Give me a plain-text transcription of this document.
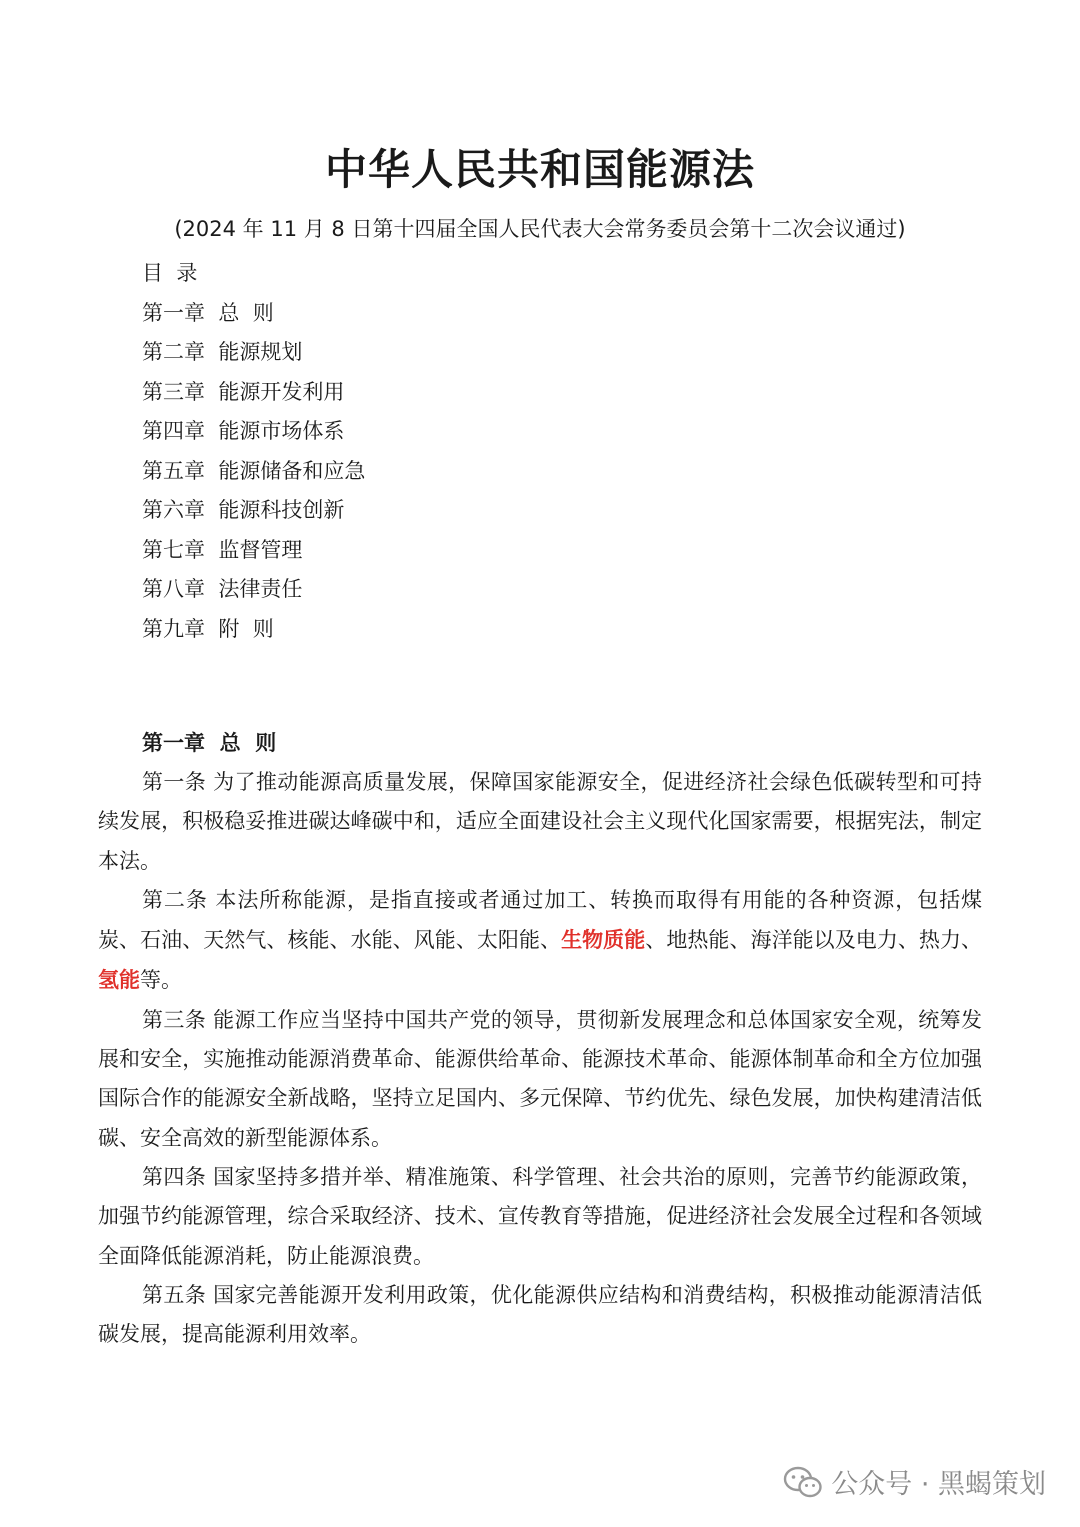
中华人民共和国能源法
(2024 年 11 月 8 日第十四届全国人民代表大会常务委员会第十二次会议通过)
目  录
第一章  总  则
第二章  能源规划
第三章  能源开发利用
第四章  能源市场体系
第五章  能源储备和应急
第六章  能源科技创新
第七章  监督管理
第八章  法律责任
第九章  附  则
第一章  总  则

第一条 为了推动能源高质量发展，保障国家能源安全，促进经济社会绿色低碳转型和可持续发展，积极稳妥推进碳达峰碳中和，适应全面建设社会主义现代化国家需要，根据宪法，制定本法。

第二条 本法所称能源，是指直接或者通过加工、转换而取得有用能的各种资源，包括煤炭、石油、天然气、核能、水能、风能、太阳能、生物质能、地热能、海洋能以及电力、热力、氢能等。

第三条 能源工作应当坚持中国共产党的领导，贯彻新发展理念和总体国家安全观，统筹发展和安全，实施推动能源消费革命、能源供给革命、能源技术革命、能源体制革命和全方位加强国际合作的能源安全新战略，坚持立足国内、多元保障、节约优先、绿色发展，加快构建清洁低碳、安全高效的新型能源体系。

第四条 国家坚持多措并举、精准施策、科学管理、社会共治的原则，完善节约能源政策，加强节约能源管理，综合采取经济、技术、宣传教育等措施，促进经济社会发展全过程和各领域全面降低能源消耗，防止能源浪费。

第五条 国家完善能源开发利用政策，优化能源供应结构和消费结构，积极推动能源清洁低碳发展，提高能源利用效率。

公众号 · 黑蝎策划
